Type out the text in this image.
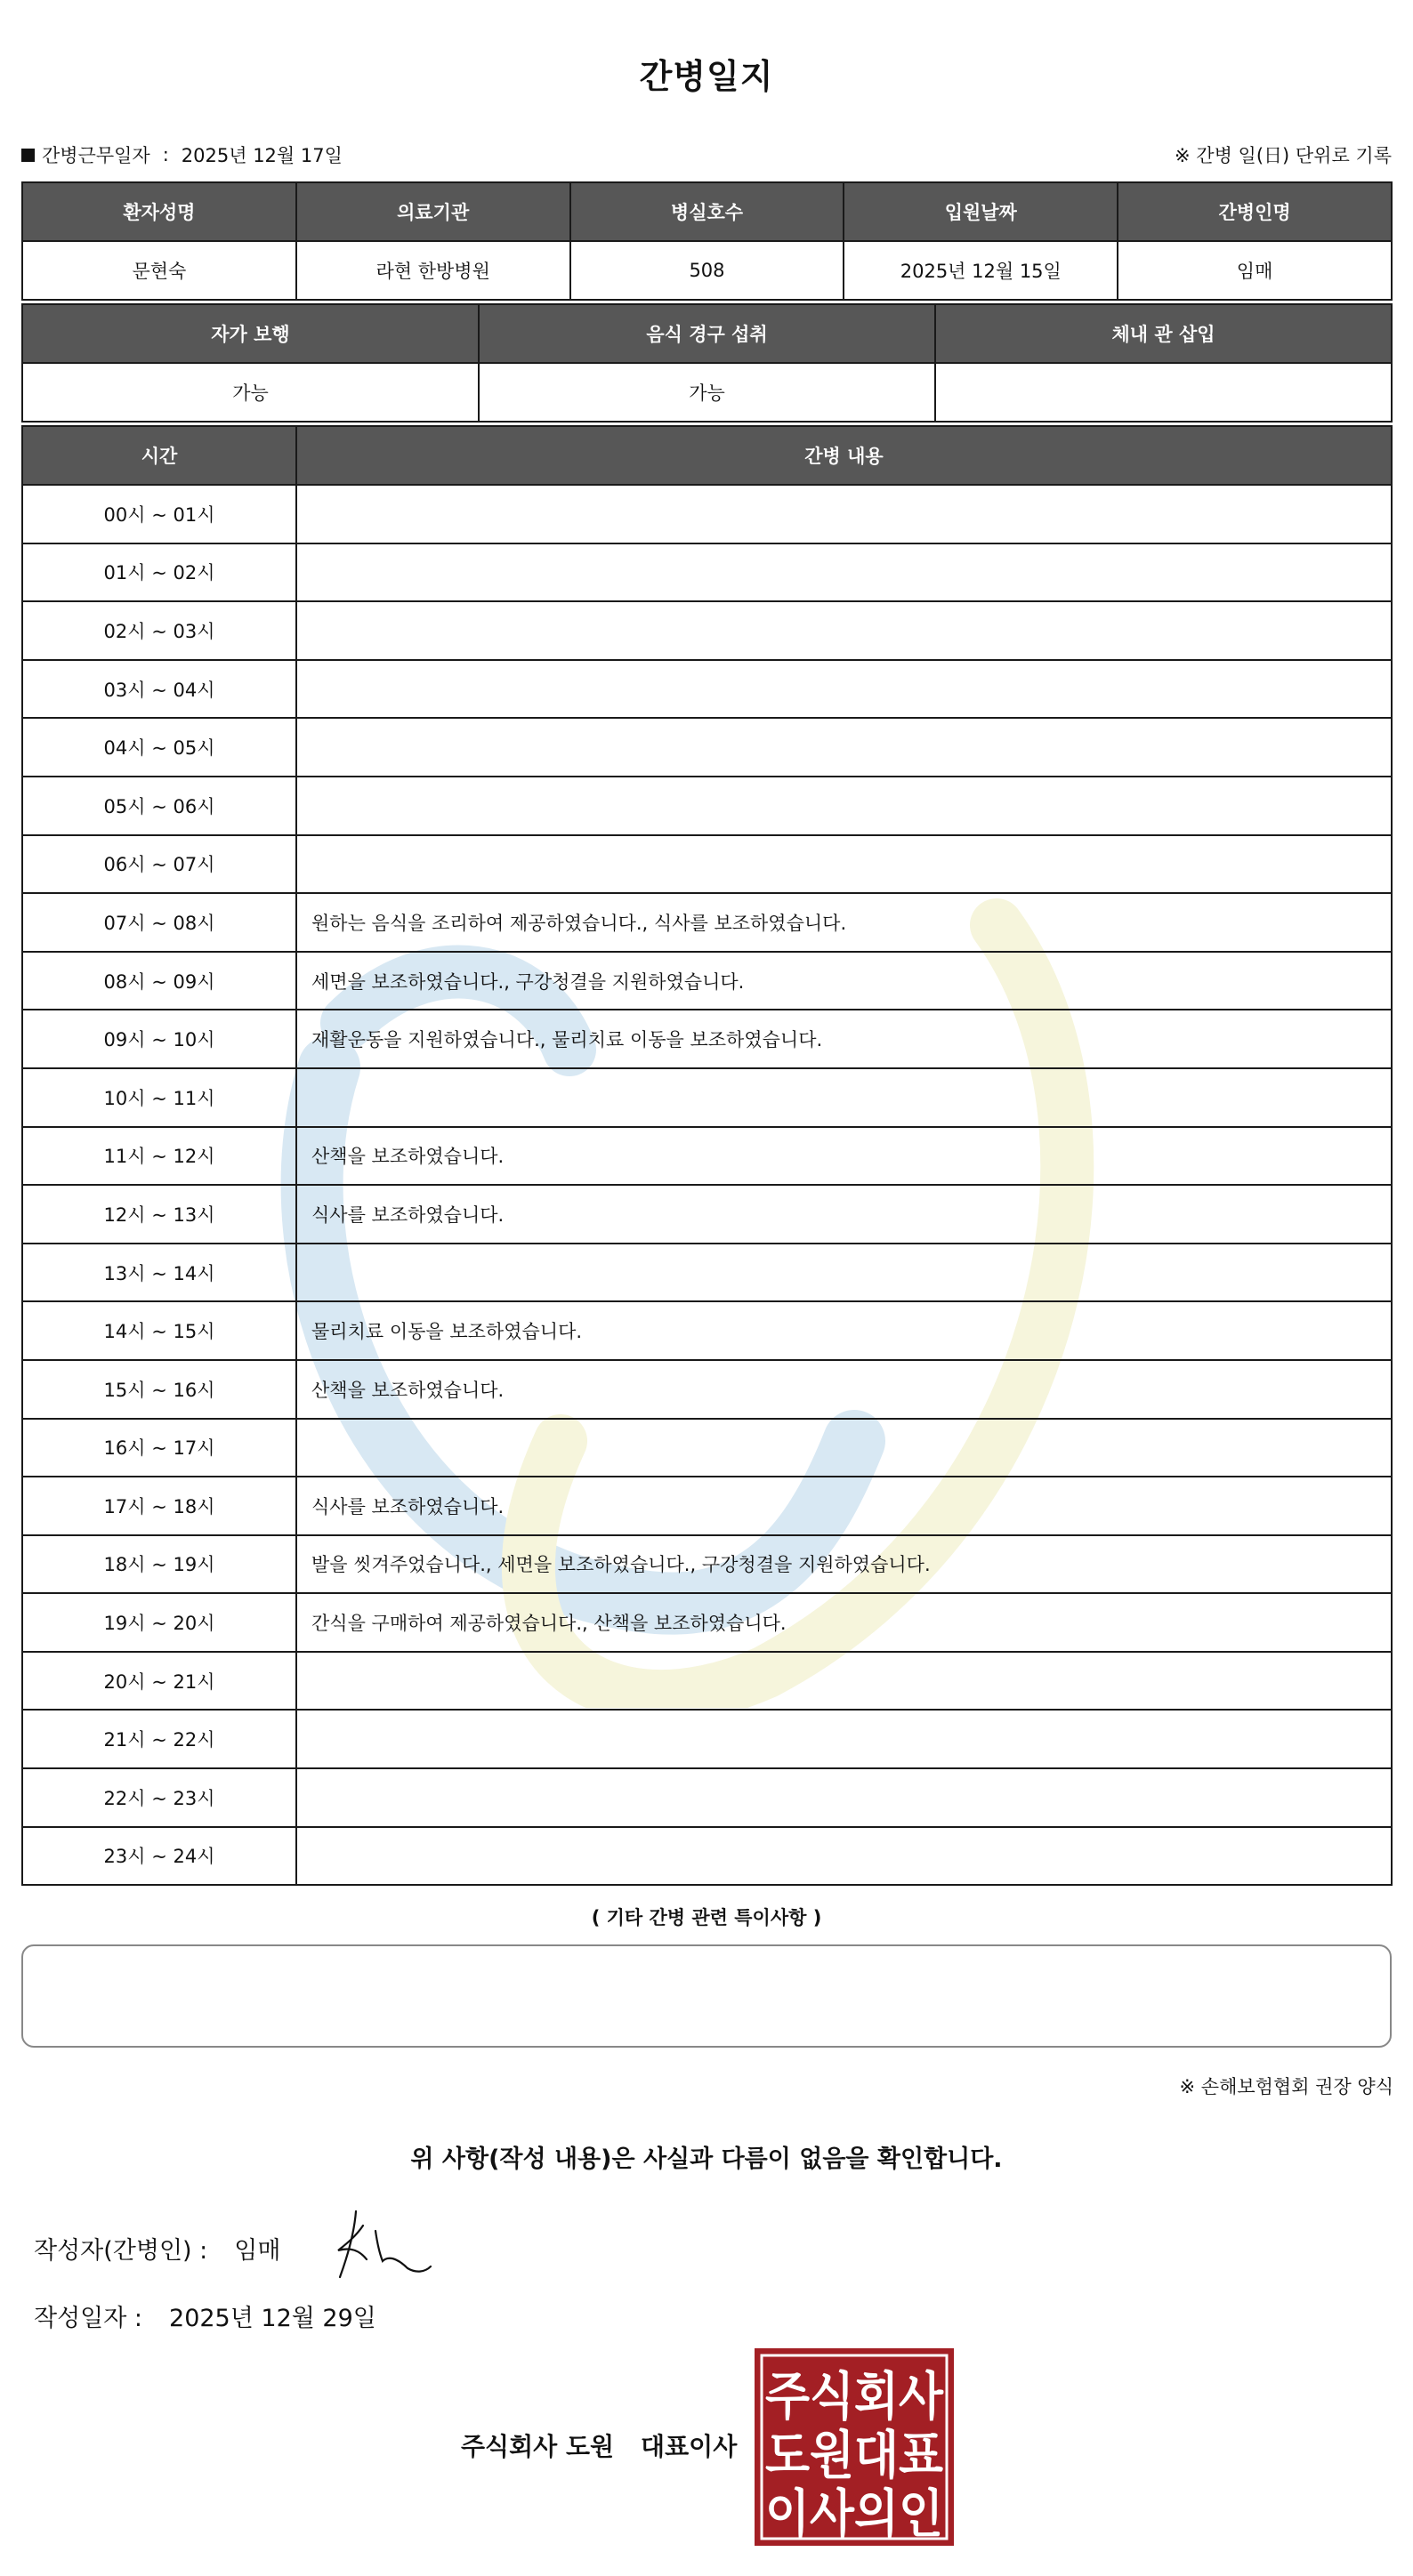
간병일지
간병근무일자 : 2025년 12월 17일	※ 간병 일(日) 단위로 기록
환자성명	의료기관	병실호수	입원날짜	간병인명
문현숙	라현 한방병원	508	2025년 12월 15일	임매
자가 보행	음식 경구 섭취	체내 관 삽입
가능	가능	
시간	간병 내용
00시 ~ 01시	
01시 ~ 02시	
02시 ~ 03시	
03시 ~ 04시	
04시 ~ 05시	
05시 ~ 06시	
06시 ~ 07시	
07시 ~ 08시	원하는 음식을 조리하여 제공하였습니다., 식사를 보조하였습니다.
08시 ~ 09시	세면을 보조하였습니다., 구강청결을 지원하였습니다.
09시 ~ 10시	재활운동을 지원하였습니다., 물리치료 이동을 보조하였습니다.
10시 ~ 11시	
11시 ~ 12시	산책을 보조하였습니다.
12시 ~ 13시	식사를 보조하였습니다.
13시 ~ 14시	
14시 ~ 15시	물리치료 이동을 보조하였습니다.
15시 ~ 16시	산책을 보조하였습니다.
16시 ~ 17시	
17시 ~ 18시	식사를 보조하였습니다.
18시 ~ 19시	발을 씻겨주었습니다., 세면을 보조하였습니다., 구강청결을 지원하였습니다.
19시 ~ 20시	간식을 구매하여 제공하였습니다., 산책을 보조하였습니다.
20시 ~ 21시	
21시 ~ 22시	
22시 ~ 23시	
23시 ~ 24시	
( 기타 간병 관련 특이사항 )
※ 손해보험협회 권장 양식
위 사항(작성 내용)은 사실과 다름이 없음을 확인합니다.
작성자(간병인) : 임매
작성일자 : 2025년 12월 29일
주식회사 도원 대표이사
주식회사
도원대표
이사의인
